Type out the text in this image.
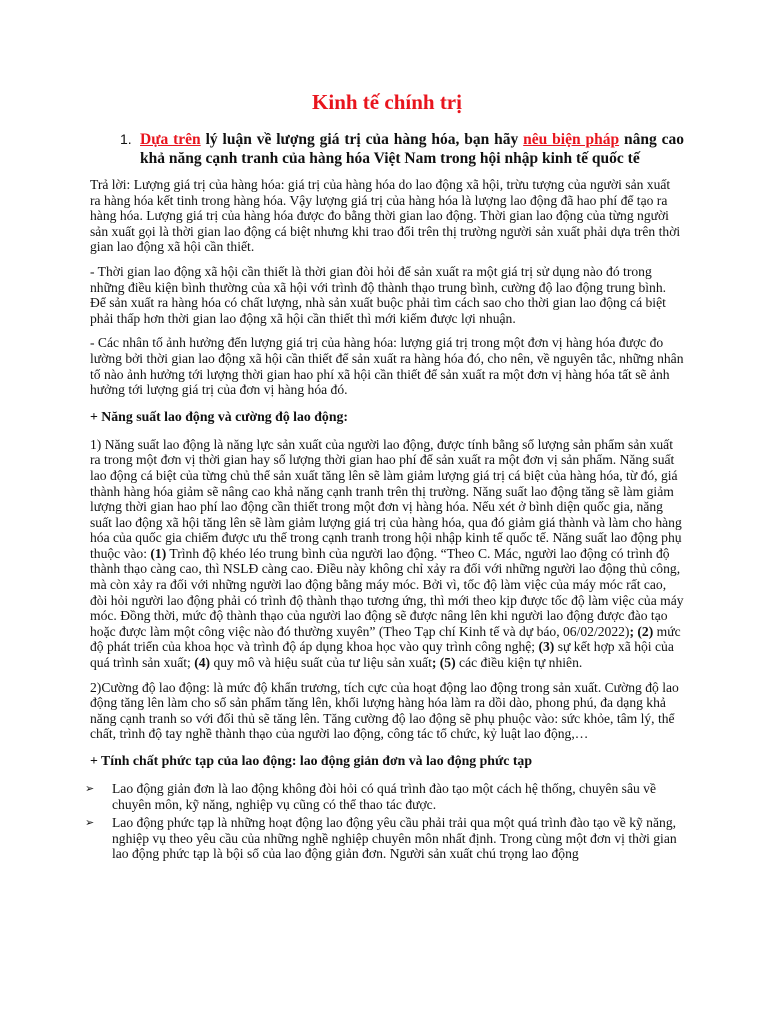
Kinh tế chính trị
1. Dựa trên lý luận về lượng giá trị của hàng hóa, bạn hãy nêu biện pháp nâng cao khả năng cạnh tranh của hàng hóa Việt Nam trong hội nhập kinh tế quốc tế

Trả lời: Lượng giá trị của hàng hóa: giá trị của hàng hóa do lao động xã hội, trừu tượng của người sản xuất ra hàng hóa kết tinh trong hàng hóa. Vậy lượng giá trị của hàng hóa là lượng lao động đã hao phí để tạo ra hàng hóa. Lượng giá trị của hàng hóa được đo bằng thời gian lao động. Thời gian lao động của từng người sản xuất gọi là thời gian lao động cá biệt nhưng khi trao đổi trên thị trường người sản xuất phải dựa trên thời gian lao động xã hội cần thiết.

- Thời gian lao động xã hội cần thiết là thời gian đòi hỏi để sản xuất ra một giá trị sử dụng nào đó trong những điều kiện bình thường của xã hội với trình độ thành thạo trung bình, cường độ lao động trung bình. Để sản xuất ra hàng hóa có chất lượng, nhà sản xuất buộc phải tìm cách sao cho thời gian lao động cá biệt phải thấp hơn thời gian lao động xã hội cần thiết thì mới kiếm được lợi nhuận.

- Các nhân tố ảnh hưởng đến lượng giá trị của hàng hóa: lượng giá trị trong một đơn vị hàng hóa được đo lường bởi thời gian lao động xã hội cần thiết để sản xuất ra hàng hóa đó, cho nên, về nguyên tắc, những nhân tố nào ảnh hưởng tới lượng thời gian hao phí xã hội cần thiết để sản xuất ra một đơn vị hàng hóa tất sẽ ảnh hưởng tới lượng giá trị của đơn vị hàng hóa đó.

+ Năng suất lao động và cường độ lao động:

1) Năng suất lao động là năng lực sản xuất của người lao động, được tính bằng số lượng sản phẩm sản xuất ra trong một đơn vị thời gian hay số lượng thời gian hao phí để sản xuất ra một đơn vị sản phẩm. Năng suất lao động cá biệt của từng chủ thể sản xuất tăng lên sẽ làm giảm lượng giá trị cá biệt của hàng hóa, từ đó, giá thành hàng hóa giảm sẽ nâng cao khả năng cạnh tranh trên thị trường. Năng suất lao động tăng sẽ làm giảm lượng thời gian hao phí lao động cần thiết trong một đơn vị hàng hóa. Nếu xét ở bình diện quốc gia, năng suất lao động xã hội tăng lên sẽ làm giảm lượng giá trị của hàng hóa, qua đó giảm giá thành và làm cho hàng hóa của quốc gia chiếm được ưu thế trong cạnh tranh trong hội nhập kinh tế quốc tế. Năng suất lao động phụ thuộc vào: (1) Trình độ khéo léo trung bình của người lao động. “Theo C. Mác, người lao động có trình độ thành thạo càng cao, thì NSLĐ càng cao. Điều này không chỉ xảy ra đối với những người lao động thủ công, mà còn xảy ra đối với những người lao động bằng máy móc. Bởi vì, tốc độ làm việc của máy móc rất cao, đòi hỏi người lao động phải có trình độ thành thạo tương ứng, thì mới theo kịp được tốc độ làm việc của máy móc. Đồng thời, mức độ thành thạo của người lao động sẽ được nâng lên khi người lao động được đào tạo hoặc được làm một công việc nào đó thường xuyên” (Theo Tạp chí Kinh tế và dự báo, 06/02/2022); (2) mức độ phát triển của khoa học và trình độ áp dụng khoa học vào quy trình công nghệ; (3) sự kết hợp xã hội của quá trình sản xuất; (4) quy mô và hiệu suất của tư liệu sản xuất; (5) các điều kiện tự nhiên.

2)Cường độ lao động: là mức độ khẩn trương, tích cực của hoạt động lao động trong sản xuất. Cường độ lao động tăng lên làm cho số sản phẩm tăng lên, khối lượng hàng hóa làm ra dồi dào, phong phú, đa dạng khả năng cạnh tranh so với đối thủ sẽ tăng lên. Tăng cường độ lao động sẽ phụ phuộc vào: sức khỏe, tâm lý, thể chất, trình độ tay nghề thành thạo của người lao động, công tác tổ chức, kỷ luật lao động,…

+ Tính chất phức tạp của lao động: lao động giản đơn và lao động phức tạp
➢ Lao động giản đơn là lao động không đòi hỏi có quá trình đào tạo một cách hệ thống, chuyên sâu về chuyên môn, kỹ năng, nghiệp vụ cũng có thể thao tác được.
➢ Lao động phức tạp là những hoạt động lao động yêu cầu phải trải qua một quá trình đào tạo về kỹ năng, nghiệp vụ theo yêu cầu của những nghề nghiệp chuyên môn nhất định. Trong cùng một đơn vị thời gian lao động phức tạp là bội số của lao động giản đơn. Người sản xuất chú trọng lao động
